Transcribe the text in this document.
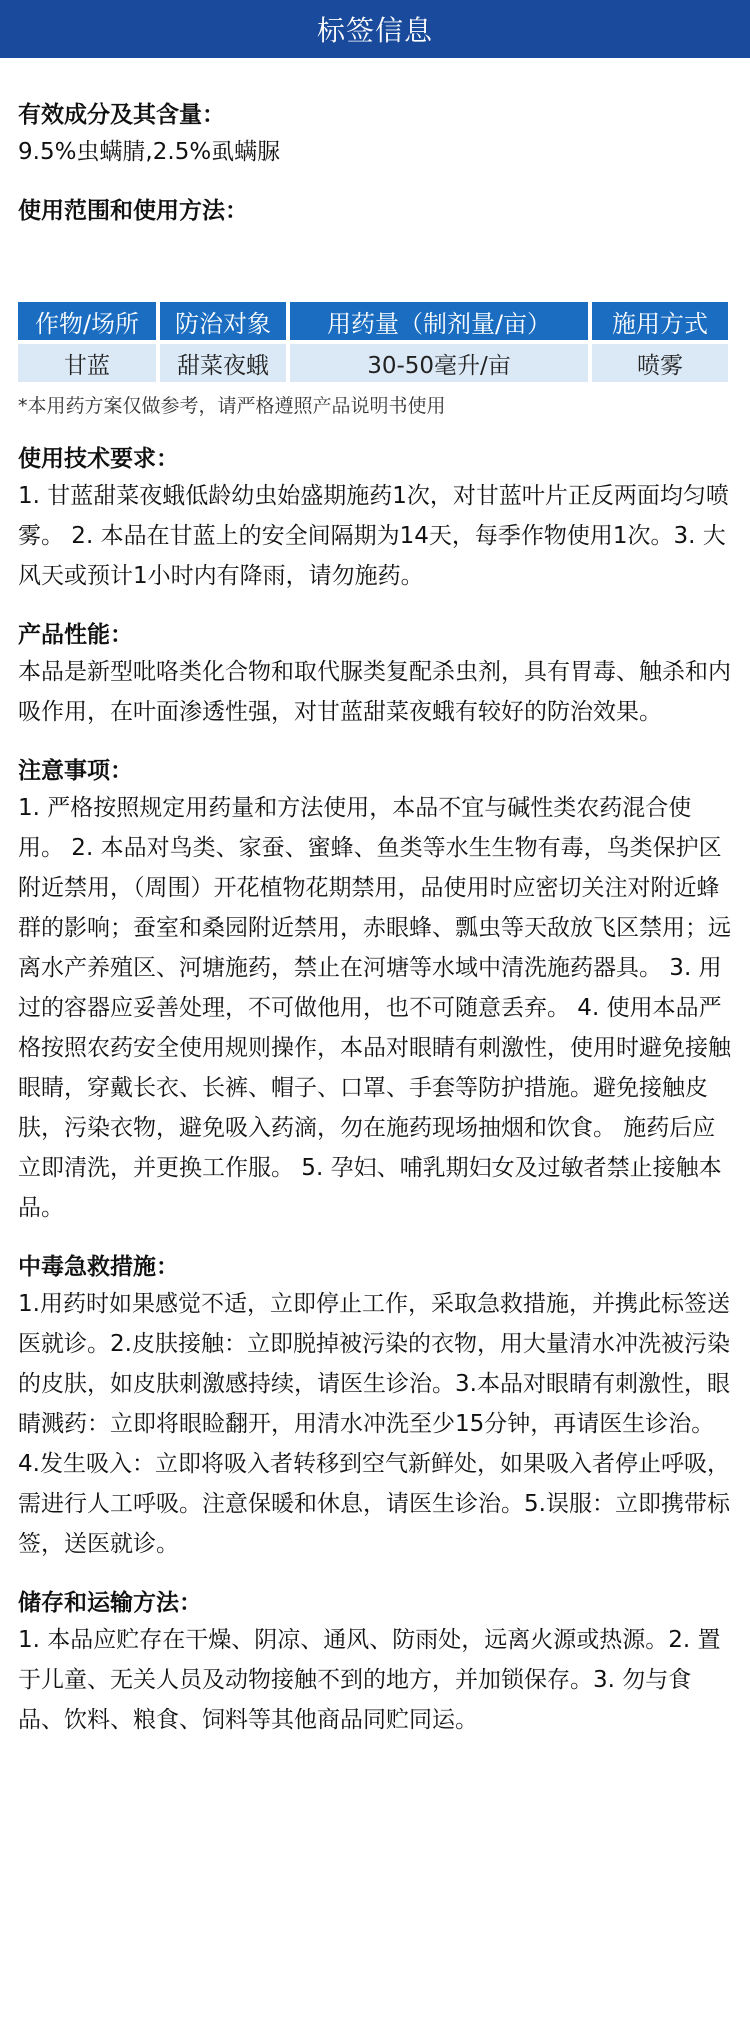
标签信息

有效成分及其含量：

9.5%虫螨腈,2.5%虱螨脲

使用范围和使用方法：

作物/场所	防治对象	用药量（制剂量/亩）	施用方式
甘蓝	甜菜夜蛾	30-50毫升/亩	喷雾

*本用药方案仅做参考，请严格遵照产品说明书使用

使用技术要求：

1. 甘蓝甜菜夜蛾低龄幼虫始盛期施药1次，对甘蓝叶片正反两面均匀喷雾。 2. 本品在甘蓝上的安全间隔期为14天，每季作物使用1次。3. 大风天或预计1小时内有降雨，请勿施药。

产品性能：

本品是新型吡咯类化合物和取代脲类复配杀虫剂，具有胃毒、触杀和内吸作用，在叶面渗透性强，对甘蓝甜菜夜蛾有较好的防治效果。

注意事项：

1. 严格按照规定用药量和方法使用，本品不宜与碱性类农药混合使用。 2. 本品对鸟类、家蚕、蜜蜂、鱼类等水生生物有毒，鸟类保护区附近禁用，（周围）开花植物花期禁用，品使用时应密切关注对附近蜂群的影响；蚕室和桑园附近禁用，赤眼蜂、瓢虫等天敌放飞区禁用；远离水产养殖区、河塘施药，禁止在河塘等水域中清洗施药器具。 3. 用过的容器应妥善处理，不可做他用，也不可随意丢弃。 4. 使用本品严格按照农药安全使用规则操作，本品对眼睛有刺激性，使用时避免接触眼睛，穿戴长衣、长裤、帽子、口罩、手套等防护措施。避免接触皮肤，污染衣物，避免吸入药滴，勿在施药现场抽烟和饮食。 施药后应立即清洗，并更换工作服。 5. 孕妇、哺乳期妇女及过敏者禁止接触本品。

中毒急救措施：

1.用药时如果感觉不适，立即停止工作，采取急救措施，并携此标签送医就诊。2.皮肤接触：立即脱掉被污染的衣物，用大量清水冲洗被污染的皮肤，如皮肤刺激感持续，请医生诊治。3.本品对眼睛有刺激性，眼睛溅药：立即将眼睑翻开，用清水冲洗至少15分钟，再请医生诊治。 4.发生吸入：立即将吸入者转移到空气新鲜处，如果吸入者停止呼吸，需进行人工呼吸。注意保暖和休息，请医生诊治。5.误服：立即携带标签，送医就诊。

储存和运输方法：

1. 本品应贮存在干燥、阴凉、通风、防雨处，远离火源或热源。2. 置于儿童、无关人员及动物接触不到的地方，并加锁保存。3. 勿与食品、饮料、粮食、饲料等其他商品同贮同运。
